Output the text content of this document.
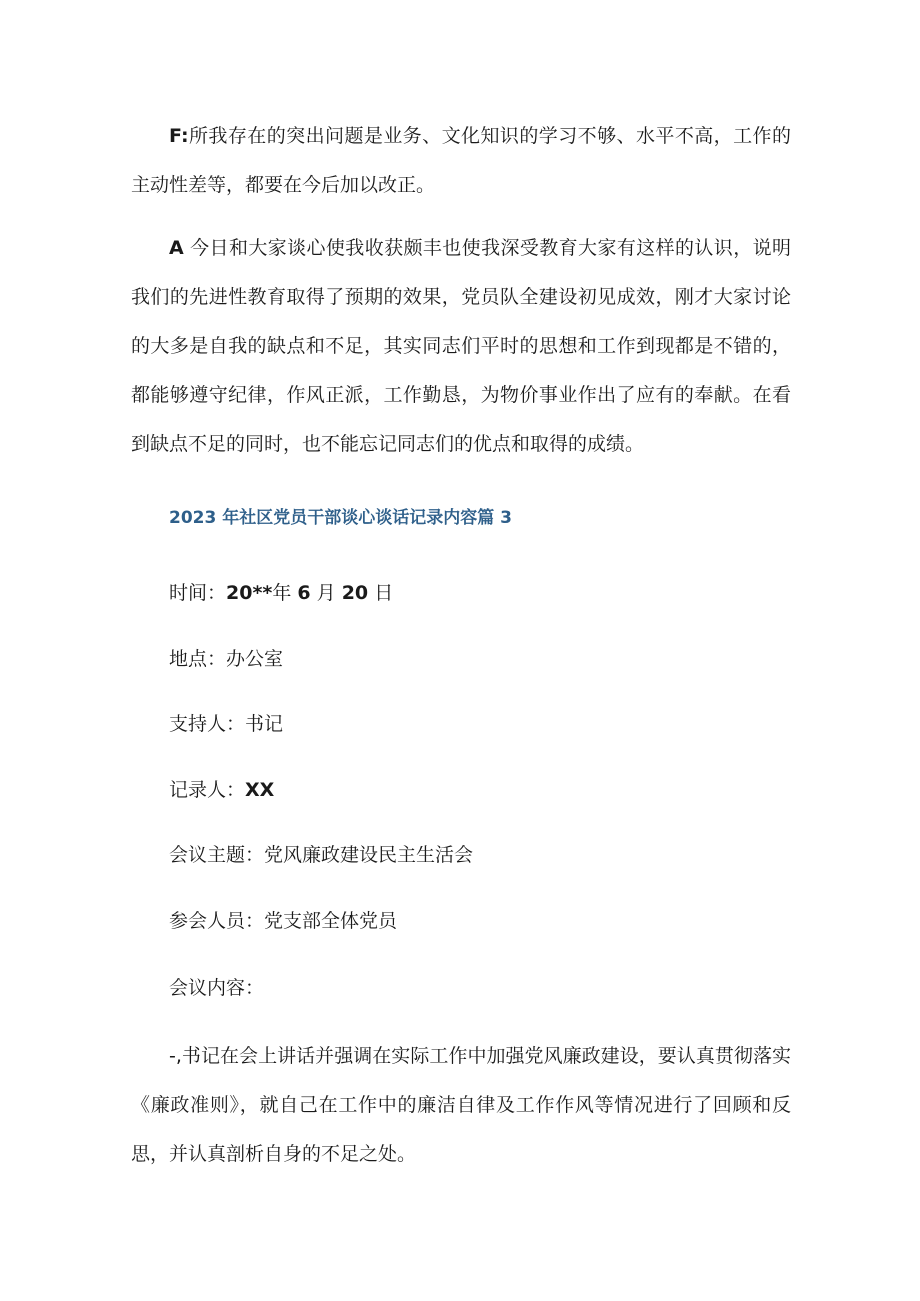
F:所我存在的突出问题是业务、文化知识的学习不够、水平不高，工作的主动性差等，都要在今后加以改正。

A 今日和大家谈心使我收获颇丰也使我深受教育大家有这样的认识，说明我们的先进性教育取得了预期的效果，党员队全建设初见成效，刚才大家讨论的大多是自我的缺点和不足，其实同志们平时的思想和工作到现都是不错的，都能够遵守纪律，作风正派，工作勤恳，为物价事业作出了应有的奉献。在看到缺点不足的同时，也不能忘记同志们的优点和取得的成绩。

2023 年社区党员干部谈心谈话记录内容篇 3

时间：20**年 6 月 20 日

地点：办公室

支持人：书记

记录人：XX

会议主题：党风廉政建设民主生活会

参会人员：党支部全体党员

会议内容：

-,书记在会上讲话并强调在实际工作中加强党风廉政建设，要认真贯彻落实《廉政准则》，就自己在工作中的廉洁自律及工作作风等情况进行了回顾和反思，并认真剖析自身的不足之处。
